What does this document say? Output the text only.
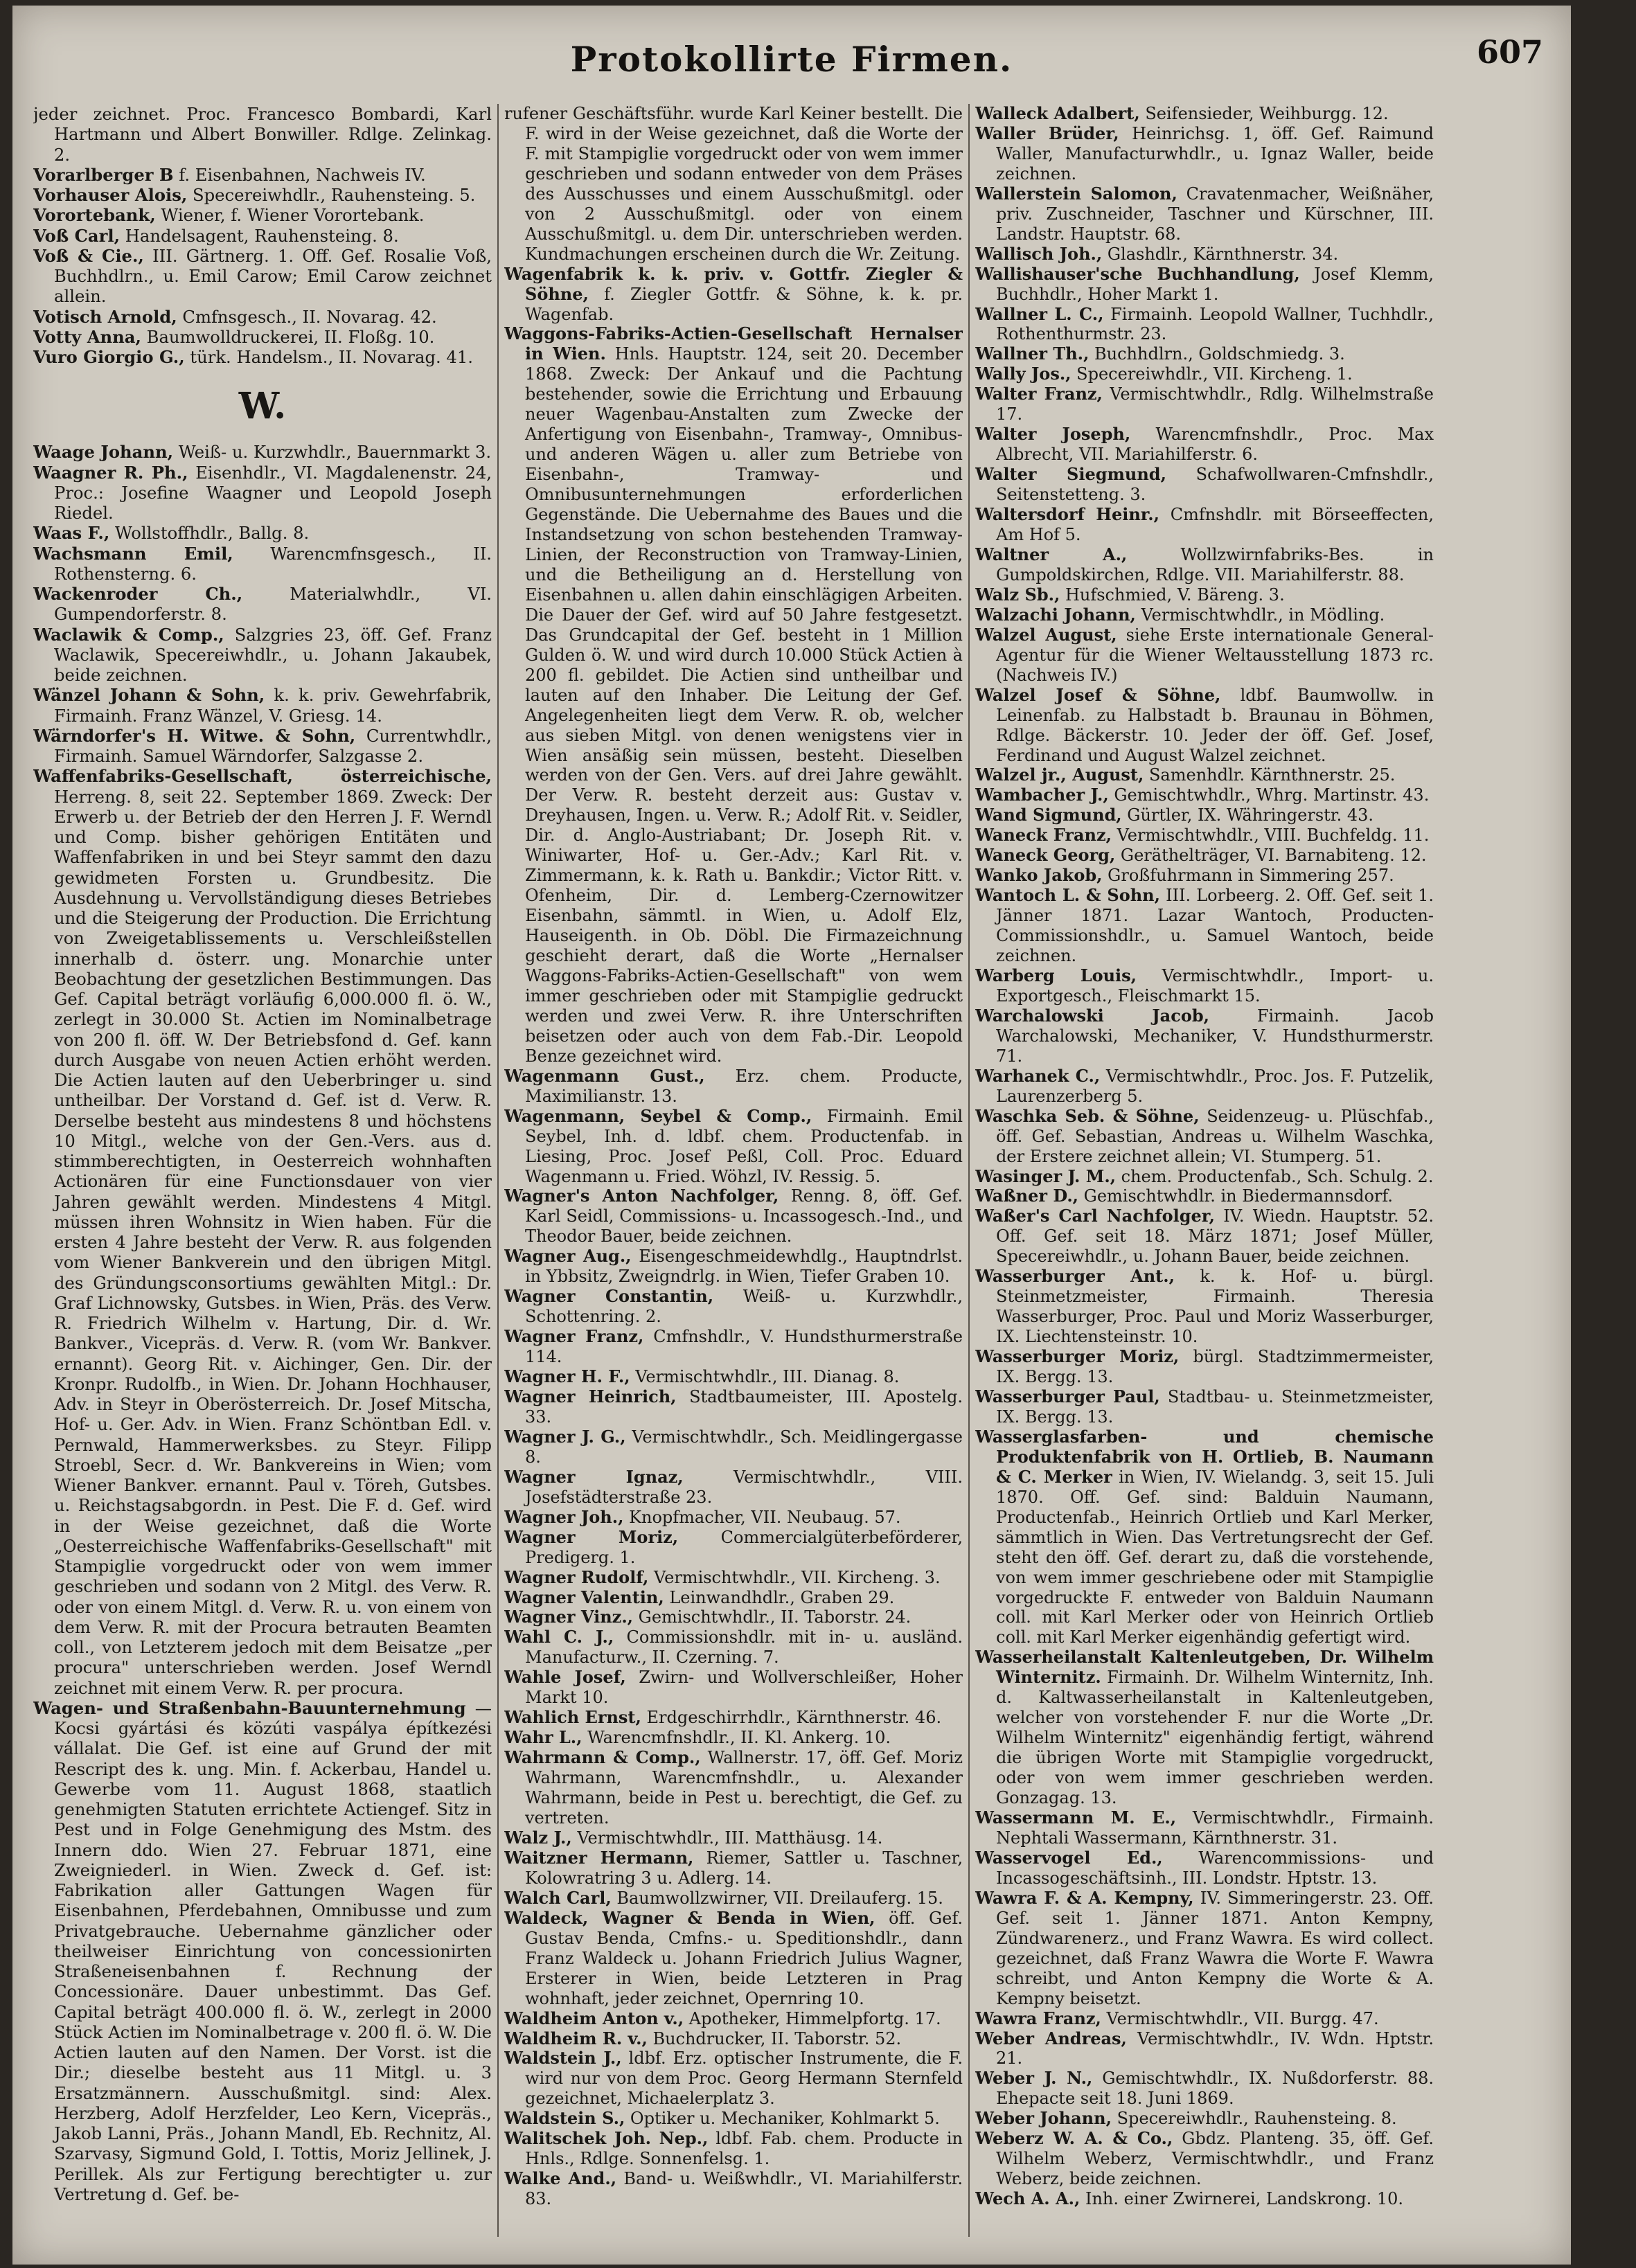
Protokollirte Firmen.	607

jeder zeichnet. Proc. Francesco Bombardi, Karl Hartmann und Albert Bonwiller. Rdlge. Zelinkag. 2.

Vorarlberger B f. Eisenbahnen, Nachweis IV.

Vorhauser Alois, Specereiwhdlr., Rauhensteing. 5.

Vorortebank, Wiener, f. Wiener Vorortebank.

Voß Carl, Handelsagent, Rauhensteing. 8.

Voß & Cie., III. Gärtnerg. 1. Off. Gef. Rosalie Voß, Buchhdlrn., u. Emil Carow; Emil Carow zeichnet allein.

Votisch Arnold, Cmfnsgesch., II. Novarag. 42.

Votty Anna, Baumwolldruckerei, II. Floßg. 10.

Vuro Giorgio G., türk. Handelsm., II. Novarag. 41.

W.

Waage Johann, Weiß- u. Kurzwhdlr., Bauernmarkt 3.

Waagner R. Ph., Eisenhdlr., VI. Magdalenenstr. 24, Proc.: Josefine Waagner und Leopold Joseph Riedel.

Waas F., Wollstoffhdlr., Ballg. 8.

Wachsmann Emil, Warencmfnsgesch., II. Rothensterng. 6.

Wackenroder Ch., Materialwhdlr., VI. Gumpendorferstr. 8.

Waclawik & Comp., Salzgries 23, öff. Gef. Franz Waclawik, Specereiwhdlr., u. Johann Jakaubek, beide zeichnen.

Wänzel Johann & Sohn, k. k. priv. Gewehrfabrik, Firmainh. Franz Wänzel, V. Griesg. 14.

Wärndorfer's H. Witwe. & Sohn, Currentwhdlr., Firmainh. Samuel Wärndorfer, Salzgasse 2.

Waffenfabriks-Gesellschaft, österreichische, Herreng. 8, seit 22. September 1869. Zweck: Der Erwerb u. der Betrieb der den Herren J. F. Werndl und Comp. bisher gehörigen Entitäten und Waffenfabriken in und bei Steyr sammt den dazu gewidmeten Forsten u. Grundbesitz. Die Ausdehnung u. Vervollständigung dieses Betriebes und die Steigerung der Production. Die Errichtung von Zweigetablissements u. Verschleißstellen innerhalb d. österr. ung. Monarchie unter Beobachtung der gesetzlichen Bestimmungen. Das Gef. Capital beträgt vorläufig 6,000.000 fl. ö. W., zerlegt in 30.000 St. Actien im Nominalbetrage von 200 fl. öff. W. Der Betriebsfond d. Gef. kann durch Ausgabe von neuen Actien erhöht werden. Die Actien lauten auf den Ueberbringer u. sind untheilbar. Der Vorstand d. Gef. ist d. Verw. R. Derselbe besteht aus mindestens 8 und höchstens 10 Mitgl., welche von der Gen.-Vers. aus d. stimmberechtigten, in Oesterreich wohnhaften Actionären für eine Functionsdauer von vier Jahren gewählt werden. Mindestens 4 Mitgl. müssen ihren Wohnsitz in Wien haben. Für die ersten 4 Jahre besteht der Verw. R. aus folgenden vom Wiener Bankverein und den übrigen Mitgl. des Gründungsconsortiums gewählten Mitgl.: Dr. Graf Lichnowsky, Gutsbes. in Wien, Präs. des Verw. R. Friedrich Wilhelm v. Hartung, Dir. d. Wr. Bankver., Vicepräs. d. Verw. R. (vom Wr. Bankver. ernannt). Georg Rit. v. Aichinger, Gen. Dir. der Kronpr. Rudolfb., in Wien. Dr. Johann Hochhauser, Adv. in Steyr in Oberösterreich. Dr. Josef Mitscha, Hof- u. Ger. Adv. in Wien. Franz Schöntban Edl. v. Pernwald, Hammerwerksbes. zu Steyr. Filipp Stroebl, Secr. d. Wr. Bankvereins in Wien; vom Wiener Bankver. ernannt. Paul v. Töreh, Gutsbes. u. Reichstagsabgordn. in Pest. Die F. d. Gef. wird in der Weise gezeichnet, daß die Worte „Oesterreichische Waffenfabriks-Gesellschaft" mit Stampiglie vorgedruckt oder von wem immer geschrieben und sodann von 2 Mitgl. des Verw. R. oder von einem Mitgl. d. Verw. R. u. von einem von dem Verw. R. mit der Procura betrauten Beamten coll., von Letzterem jedoch mit dem Beisatze „per procura" unterschrieben werden. Josef Werndl zeichnet mit einem Verw. R. per procura.

Wagen- und Straßenbahn-Bauunternehmung — Kocsi gyártási és közúti vaspálya építkezési vállalat. Die Gef. ist eine auf Grund der mit Rescript des k. ung. Min. f. Ackerbau, Handel u. Gewerbe vom 11. August 1868, staatlich genehmigten Statuten errichtete Actiengef. Sitz in Pest und in Folge Genehmigung des Mstm. des Innern ddo. Wien 27. Februar 1871, eine Zweigniederl. in Wien. Zweck d. Gef. ist: Fabrikation aller Gattungen Wagen für Eisenbahnen, Pferdebahnen, Omnibusse und zum Privatgebrauche. Uebernahme gänzlicher oder theilweiser Einrichtung von concessionirten Straßeneisenbahnen f. Rechnung der Concessionäre. Dauer unbestimmt. Das Gef. Capital beträgt 400.000 fl. ö. W., zerlegt in 2000 Stück Actien im Nominalbetrage v. 200 fl. ö. W. Die Actien lauten auf den Namen. Der Vorst. ist die Dir.; dieselbe besteht aus 11 Mitgl. u. 3 Ersatzmännern. Ausschußmitgl. sind: Alex. Herzberg, Adolf Herzfelder, Leo Kern, Vicepräs., Jakob Lanni, Präs., Johann Mandl, Eb. Rechnitz, Al. Szarvasy, Sigmund Gold, I. Tottis, Moriz Jellinek, J. Perillek. Als zur Fertigung berechtigter u. zur Vertretung d. Gef. be-

rufener Geschäftsführ. wurde Karl Keiner bestellt. Die F. wird in der Weise gezeichnet, daß die Worte der F. mit Stampiglie vorgedruckt oder von wem immer geschrieben und sodann entweder von dem Präses des Ausschusses und einem Ausschußmitgl. oder von 2 Ausschußmitgl. oder von einem Ausschußmitgl. u. dem Dir. unterschrieben werden. Kundmachungen erscheinen durch die Wr. Zeitung.

Wagenfabrik k. k. priv. v. Gottfr. Ziegler & Söhne, f. Ziegler Gottfr. & Söhne, k. k. pr. Wagenfab.

Waggons-Fabriks-Actien-Gesellschaft Hernalser in Wien. Hnls. Hauptstr. 124, seit 20. December 1868. Zweck: Der Ankauf und die Pachtung bestehender, sowie die Errichtung und Erbauung neuer Wagenbau-Anstalten zum Zwecke der Anfertigung von Eisenbahn-, Tramway-, Omnibus- und anderen Wägen u. aller zum Betriebe von Eisenbahn-, Tramway- und Omnibusunternehmungen erforderlichen Gegenstände. Die Uebernahme des Baues und die Instandsetzung von schon bestehenden Tramway-Linien, der Reconstruction von Tramway-Linien, und die Betheiligung an d. Herstellung von Eisenbahnen u. allen dahin einschlägigen Arbeiten. Die Dauer der Gef. wird auf 50 Jahre festgesetzt. Das Grundcapital der Gef. besteht in 1 Million Gulden ö. W. und wird durch 10.000 Stück Actien à 200 fl. gebildet. Die Actien sind untheilbar und lauten auf den Inhaber. Die Leitung der Gef. Angelegenheiten liegt dem Verw. R. ob, welcher aus sieben Mitgl. von denen wenigstens vier in Wien ansäßig sein müssen, besteht. Dieselben werden von der Gen. Vers. auf drei Jahre gewählt. Der Verw. R. besteht derzeit aus: Gustav v. Dreyhausen, Ingen. u. Verw. R.; Adolf Rit. v. Seidler, Dir. d. Anglo-Austriabant; Dr. Joseph Rit. v. Winiwarter, Hof- u. Ger.-Adv.; Karl Rit. v. Zimmermann, k. k. Rath u. Bankdir.; Victor Ritt. v. Ofenheim, Dir. d. Lemberg-Czernowitzer Eisenbahn, sämmtl. in Wien, u. Adolf Elz, Hauseigenth. in Ob. Döbl. Die Firmazeichnung geschieht derart, daß die Worte „Hernalser Waggons-Fabriks-Actien-Gesellschaft" von wem immer geschrieben oder mit Stampiglie gedruckt werden und zwei Verw. R. ihre Unterschriften beisetzen oder auch von dem Fab.-Dir. Leopold Benze gezeichnet wird.

Wagenmann Gust., Erz. chem. Producte, Maximilianstr. 13.

Wagenmann, Seybel & Comp., Firmainh. Emil Seybel, Inh. d. ldbf. chem. Productenfab. in Liesing, Proc. Josef Peßl, Coll. Proc. Eduard Wagenmann u. Fried. Wöhzl, IV. Ressig. 5.

Wagner's Anton Nachfolger, Renng. 8, öff. Gef. Karl Seidl, Commissions- u. Incassogesch.-Ind., und Theodor Bauer, beide zeichnen.

Wagner Aug., Eisengeschmeidewhdlg., Hauptndrlst. in Ybbsitz, Zweigndrlg. in Wien, Tiefer Graben 10.

Wagner Constantin, Weiß- u. Kurzwhdlr., Schottenring. 2.

Wagner Franz, Cmfnshdlr., V. Hundsthurmerstraße 114.

Wagner H. F., Vermischtwhdlr., III. Dianag. 8.

Wagner Heinrich, Stadtbaumeister, III. Apostelg. 33.

Wagner J. G., Vermischtwhdlr., Sch. Meidlingergasse 8.

Wagner Ignaz, Vermischtwhdlr., VIII. Josefstädterstraße 23.

Wagner Joh., Knopfmacher, VII. Neubaug. 57.

Wagner Moriz, Commercialgüterbeförderer, Predigerg. 1.

Wagner Rudolf, Vermischtwhdlr., VII. Kircheng. 3.

Wagner Valentin, Leinwandhdlr., Graben 29.

Wagner Vinz., Gemischtwhdlr., II. Taborstr. 24.

Wahl C. J., Commissionshdlr. mit in- u. ausländ. Manufacturw., II. Czerning. 7.

Wahle Josef, Zwirn- und Wollverschleißer, Hoher Markt 10.

Wahlich Ernst, Erdgeschirrhdlr., Kärnthnerstr. 46.

Wahr L., Warencmfnshdlr., II. Kl. Ankerg. 10.

Wahrmann & Comp., Wallnerstr. 17, öff. Gef. Moriz Wahrmann, Warencmfnshdlr., u. Alexander Wahrmann, beide in Pest u. berechtigt, die Gef. zu vertreten.

Walz J., Vermischtwhdlr., III. Matthäusg. 14.

Waitzner Hermann, Riemer, Sattler u. Taschner, Kolowratring 3 u. Adlerg. 14.

Walch Carl, Baumwollzwirner, VII. Dreilauferg. 15.

Waldeck, Wagner & Benda in Wien, öff. Gef. Gustav Benda, Cmfns.- u. Speditionshdlr., dann Franz Waldeck u. Johann Friedrich Julius Wagner, Ersterer in Wien, beide Letzteren in Prag wohnhaft, jeder zeichnet, Opernring 10.

Waldheim Anton v., Apotheker, Himmelpfortg. 17.

Waldheim R. v., Buchdrucker, II. Taborstr. 52.

Waldstein J., ldbf. Erz. optischer Instrumente, die F. wird nur von dem Proc. Georg Hermann Sternfeld gezeichnet, Michaelerplatz 3.

Waldstein S., Optiker u. Mechaniker, Kohlmarkt 5.

Walitschek Joh. Nep., ldbf. Fab. chem. Producte in Hnls., Rdlge. Sonnenfelsg. 1.

Walke And., Band- u. Weißwhdlr., VI. Mariahilferstr. 83.

Walleck Adalbert, Seifensieder, Weihburgg. 12.

Waller Brüder, Heinrichsg. 1, öff. Gef. Raimund Waller, Manufacturwhdlr., u. Ignaz Waller, beide zeichnen.

Wallerstein Salomon, Cravatenmacher, Weißnäher, priv. Zuschneider, Taschner und Kürschner, III. Landstr. Hauptstr. 68.

Wallisch Joh., Glashdlr., Kärnthnerstr. 34.

Wallishauser'sche Buchhandlung, Josef Klemm, Buchhdlr., Hoher Markt 1.

Wallner L. C., Firmainh. Leopold Wallner, Tuchhdlr., Rothenthurmstr. 23.

Wallner Th., Buchhdlrn., Goldschmiedg. 3.

Wally Jos., Specereiwhdlr., VII. Kircheng. 1.

Walter Franz, Vermischtwhdlr., Rdlg. Wilhelmstraße 17.

Walter Joseph, Warencmfnshdlr., Proc. Max Albrecht, VII. Mariahilferstr. 6.

Walter Siegmund, Schafwollwaren-Cmfnshdlr., Seitenstetteng. 3.

Waltersdorf Heinr., Cmfnshdlr. mit Börseeffecten, Am Hof 5.

Waltner A., Wollzwirnfabriks-Bes. in Gumpoldskirchen, Rdlge. VII. Mariahilferstr. 88.

Walz Sb., Hufschmied, V. Bäreng. 3.

Walzachi Johann, Vermischtwhdlr., in Mödling.

Walzel August, siehe Erste internationale General-Agentur für die Wiener Weltausstellung 1873 rc. (Nachweis IV.)

Walzel Josef & Söhne, ldbf. Baumwollw. in Leinenfab. zu Halbstadt b. Braunau in Böhmen, Rdlge. Bäckerstr. 10. Jeder der öff. Gef. Josef, Ferdinand und August Walzel zeichnet.

Walzel jr., August, Samenhdlr. Kärnthnerstr. 25.

Wambacher J., Gemischtwhdlr., Whrg. Martinstr. 43.

Wand Sigmund, Gürtler, IX. Währingerstr. 43.

Waneck Franz, Vermischtwhdlr., VIII. Buchfeldg. 11.

Waneck Georg, Geräthelträger, VI. Barnabiteng. 12.

Wanko Jakob, Großfuhrmann in Simmering 257.

Wantoch L. & Sohn, III. Lorbeerg. 2. Off. Gef. seit 1. Jänner 1871. Lazar Wantoch, Producten-Commissionshdlr., u. Samuel Wantoch, beide zeichnen.

Warberg Louis, Vermischtwhdlr., Import- u. Exportgesch., Fleischmarkt 15.

Warchalowski Jacob, Firmainh. Jacob Warchalowski, Mechaniker, V. Hundsthurmerstr. 71.

Warhanek C., Vermischtwhdlr., Proc. Jos. F. Putzelik, Laurenzerberg 5.

Waschka Seb. & Söhne, Seidenzeug- u. Plüschfab., öff. Gef. Sebastian, Andreas u. Wilhelm Waschka, der Erstere zeichnet allein; VI. Stumperg. 51.

Wasinger J. M., chem. Productenfab., Sch. Schulg. 2.

Waßner D., Gemischtwhdlr. in Biedermannsdorf.

Waßer's Carl Nachfolger, IV. Wiedn. Hauptstr. 52. Off. Gef. seit 18. März 1871; Josef Müller, Specereiwhdlr., u. Johann Bauer, beide zeichnen.

Wasserburger Ant., k. k. Hof- u. bürgl. Steinmetzmeister, Firmainh. Theresia Wasserburger, Proc. Paul und Moriz Wasserburger, IX. Liechtensteinstr. 10.

Wasserburger Moriz, bürgl. Stadtzimmermeister, IX. Bergg. 13.

Wasserburger Paul, Stadtbau- u. Steinmetzmeister, IX. Bergg. 13.

Wasserglasfarben- und chemische Produktenfabrik von H. Ortlieb, B. Naumann & C. Merker in Wien, IV. Wielandg. 3, seit 15. Juli 1870. Off. Gef. sind: Balduin Naumann, Productenfab., Heinrich Ortlieb und Karl Merker, sämmtlich in Wien. Das Vertretungsrecht der Gef. steht den öff. Gef. derart zu, daß die vorstehende, von wem immer geschriebene oder mit Stampiglie vorgedruckte F. entweder von Balduin Naumann coll. mit Karl Merker oder von Heinrich Ortlieb coll. mit Karl Merker eigenhändig gefertigt wird.

Wasserheilanstalt Kaltenleutgeben, Dr. Wilhelm Winternitz. Firmainh. Dr. Wilhelm Winternitz, Inh. d. Kaltwasserheilanstalt in Kaltenleutgeben, welcher von vorstehender F. nur die Worte „Dr. Wilhelm Winternitz" eigenhändig fertigt, während die übrigen Worte mit Stampiglie vorgedruckt, oder von wem immer geschrieben werden. Gonzagag. 13.

Wassermann M. E., Vermischtwhdlr., Firmainh. Nephtali Wassermann, Kärnthnerstr. 31.

Wasservogel Ed., Warencommissions- und Incassogeschäftsinh., III. Londstr. Hptstr. 13.

Wawra F. & A. Kempny, IV. Simmeringerstr. 23. Off. Gef. seit 1. Jänner 1871. Anton Kempny, Zündwarenerz., und Franz Wawra. Es wird collect. gezeichnet, daß Franz Wawra die Worte F. Wawra schreibt, und Anton Kempny die Worte & A. Kempny beisetzt.

Wawra Franz, Vermischtwhdlr., VII. Burgg. 47.

Weber Andreas, Vermischtwhdlr., IV. Wdn. Hptstr. 21.

Weber J. N., Gemischtwhdlr., IX. Nußdorferstr. 88. Ehepacte seit 18. Juni 1869.

Weber Johann, Specereiwhdlr., Rauhensteing. 8.

Weberz W. A. & Co., Gbdz. Planteng. 35, öff. Gef. Wilhelm Weberz, Vermischtwhdlr., und Franz Weberz, beide zeichnen.

Wech A. A., Inh. einer Zwirnerei, Landskrong. 10.
